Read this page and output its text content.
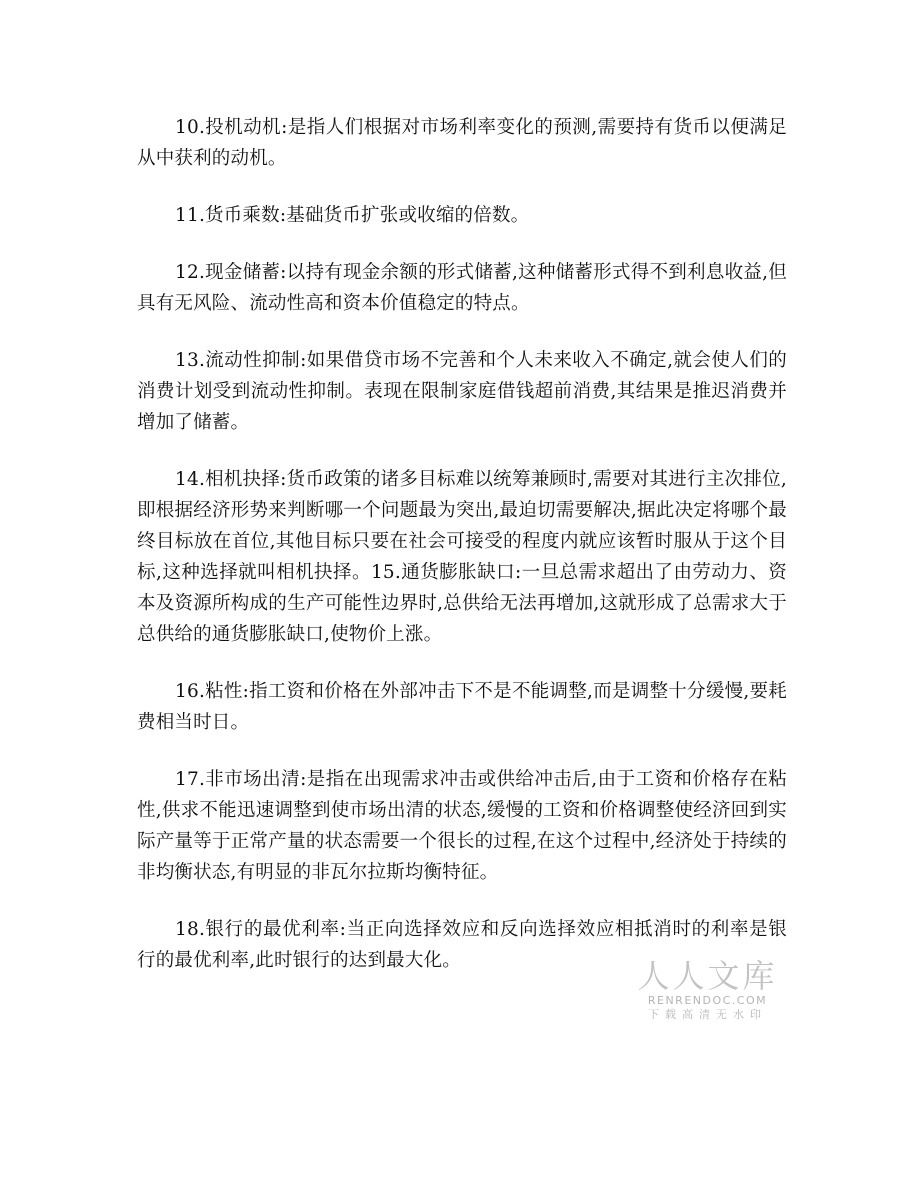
10.投机动机:是指人们根据对市场利率变化的预测,需要持有货币以便满足从中获利的动机。

11.货币乘数:基础货币扩张或收缩的倍数。

12.现金储蓄:以持有现金余额的形式储蓄,这种储蓄形式得不到利息收益,但具有无风险、流动性高和资本价值稳定的特点。

13.流动性抑制:如果借贷市场不完善和个人未来收入不确定,就会使人们的消费计划受到流动性抑制。表现在限制家庭借钱超前消费,其结果是推迟消费并增加了储蓄。

14.相机抉择:货币政策的诸多目标难以统筹兼顾时,需要对其进行主次排位,即根据经济形势来判断哪一个问题最为突出,最迫切需要解决,据此决定将哪个最终目标放在首位,其他目标只要在社会可接受的程度内就应该暂时服从于这个目标,这种选择就叫相机抉择。15.通货膨胀缺口:一旦总需求超出了由劳动力、资本及资源所构成的生产可能性边界时,总供给无法再增加,这就形成了总需求大于总供给的通货膨胀缺口,使物价上涨。

16.粘性:指工资和价格在外部冲击下不是不能调整,而是调整十分缓慢,要耗费相当时日。

17.非市场出清:是指在出现需求冲击或供给冲击后,由于工资和价格存在粘性,供求不能迅速调整到使市场出清的状态,缓慢的工资和价格调整使经济回到实际产量等于正常产量的状态需要一个很长的过程,在这个过程中,经济处于持续的非均衡状态,有明显的非瓦尔拉斯均衡特征。

18.银行的最优利率:当正向选择效应和反向选择效应相抵消时的利率是银行的最优利率,此时银行的达到最大化。	人人文库
RENRENDOC.COM
下载高清无水印
